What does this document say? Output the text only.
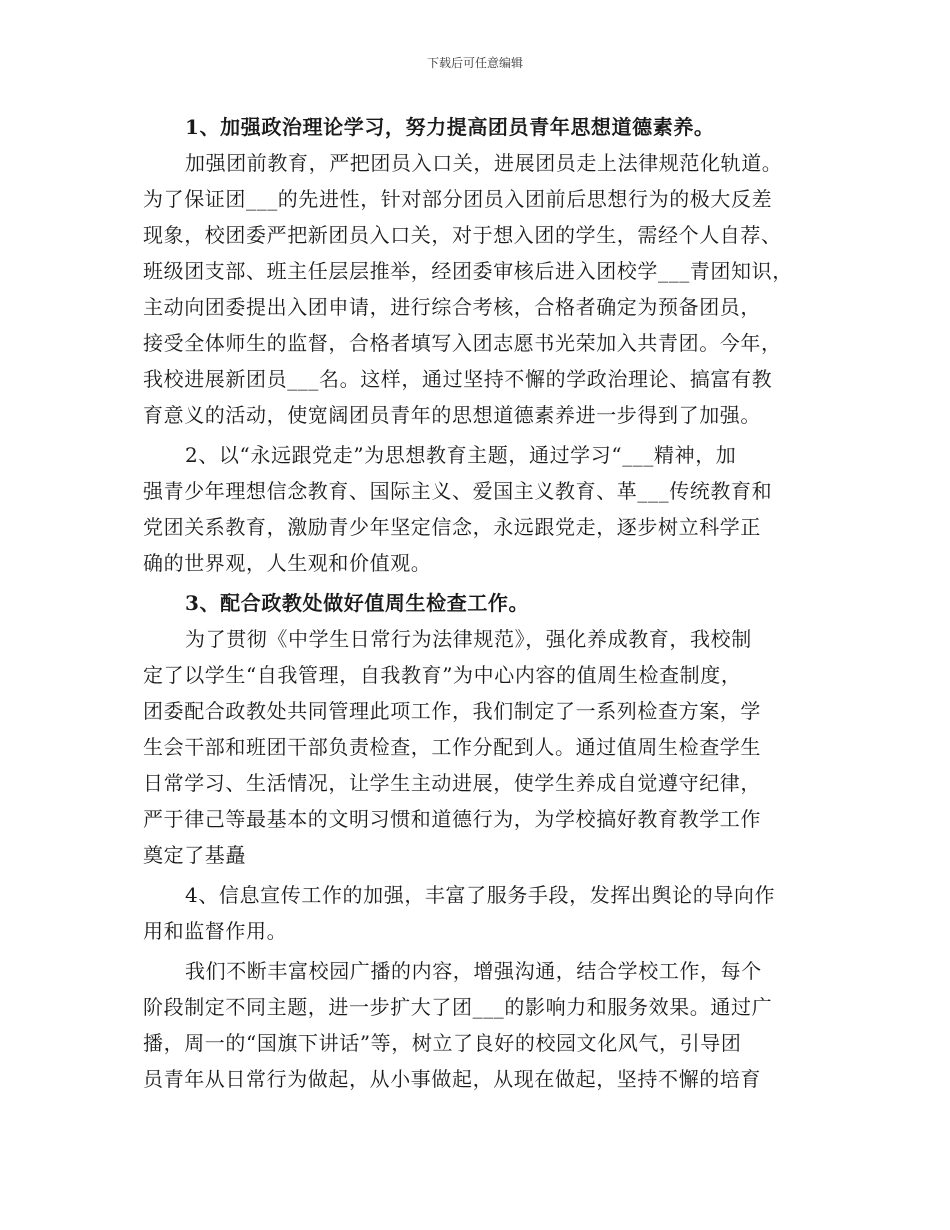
下载后可任意编辑
1、加强政治理论学习，努力提高团员青年思想道德素养。
加强团前教育，严把团员入口关，进展团员走上法律规范化轨道。
为了保证团___的先进性，针对部分团员入团前后思想行为的极大反差
现象，校团委严把新团员入口关，对于想入团的学生，需经个人自荐、
班级团支部、班主任层层推举，经团委审核后进入团校学___青团知识，
主动向团委提出入团申请，进行综合考核，合格者确定为预备团员，
接受全体师生的监督，合格者填写入团志愿书光荣加入共青团。今年，
我校进展新团员___名。这样，通过坚持不懈的学政治理论、搞富有教
育意义的活动，使宽阔团员青年的思想道德素养进一步得到了加强。
2、以“永远跟党走”为思想教育主题，通过学习“___精神，加
强青少年理想信念教育、国际主义、爱国主义教育、革___传统教育和
党团关系教育，激励青少年坚定信念，永远跟党走，逐步树立科学正
确的世界观，人生观和价值观。
3、配合政教处做好值周生检查工作。
为了贯彻《中学生日常行为法律规范》，强化养成教育，我校制
定了以学生“自我管理，自我教育”为中心内容的值周生检查制度，
团委配合政教处共同管理此项工作，我们制定了一系列检查方案，学
生会干部和班团干部负责检查，工作分配到人。通过值周生检查学生
日常学习、生活情况，让学生主动进展，使学生养成自觉遵守纪律，
严于律己等最基本的文明习惯和道德行为，为学校搞好教育教学工作
奠定了基矗
4、信息宣传工作的加强，丰富了服务手段，发挥出舆论的导向作
用和监督作用。
我们不断丰富校园广播的内容，增强沟通，结合学校工作，每个
阶段制定不同主题，进一步扩大了团___的影响力和服务效果。通过广
播，周一的“国旗下讲话”等，树立了良好的校园文化风气，引导团
员青年从日常行为做起，从小事做起，从现在做起，坚持不懈的培育
